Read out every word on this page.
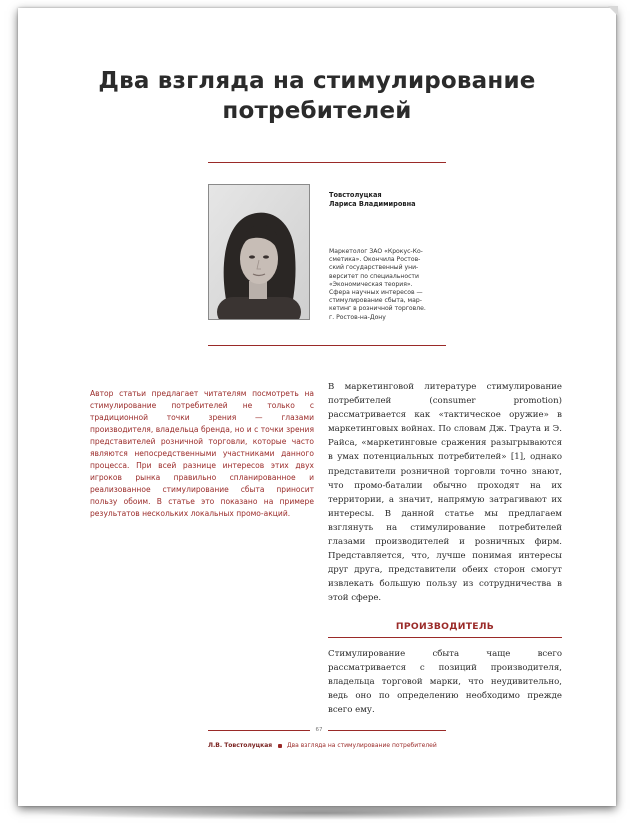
Два взгляда на стимулирование потребителей
Товстолуцкая
Лариса Владимировна
Маркетолог ЗАО «Крокус-Ко-
сметика». Окончила Ростов-
ский государственный уни-
верситет по специальности
«Экономическая теория».
Сфера научных интересов —
стимулирование сбыта, мар-
кетинг в розничной торговле.
г. Ростов-на-Дону

Автор статьи предлагает читателям посмотреть на стимулирование потребителей не только с традиционной точки зрения — глазами производителя, владельца бренда, но и с точки зрения представителей розничной торговли, которые часто являются непосредственными участниками данного процесса. При всей разнице интересов этих двух игроков рынка правильно спланированное и реализованное стимулирование сбыта приносит пользу обоим. В статье это показано на примере результатов нескольких локальных промо-акций.

В маркетинговой литературе стимулирование потребителей (consumer promotion) рассматривается как «тактическое оружие» в маркетинговых войнах. По словам Дж. Траута и Э. Райса, «маркетинговые сражения разыгрываются в умах потенциальных потребителей» [1], однако представители розничной торговли точно знают, что промо-баталии обычно проходят на их территории, а значит, напрямую затрагивают их интересы. В данной статье мы предлагаем взглянуть на стимулирование потребителей глазами производителей и розничных фирм. Представляется, что, лучше понимая интересы друг друга, представители обеих сторон смогут извлекать большую пользу из сотрудничества в этой сфере.

ПРОИЗВОДИТЕЛЬ

Стимулирование сбыта чаще всего рассматривается с позиций производителя, владельца торговой марки, что неудивительно, ведь оно по определению необходимо прежде всего ему.

67
Л.В. Товстолуцкая Два взгляда на стимулирование потребителей
